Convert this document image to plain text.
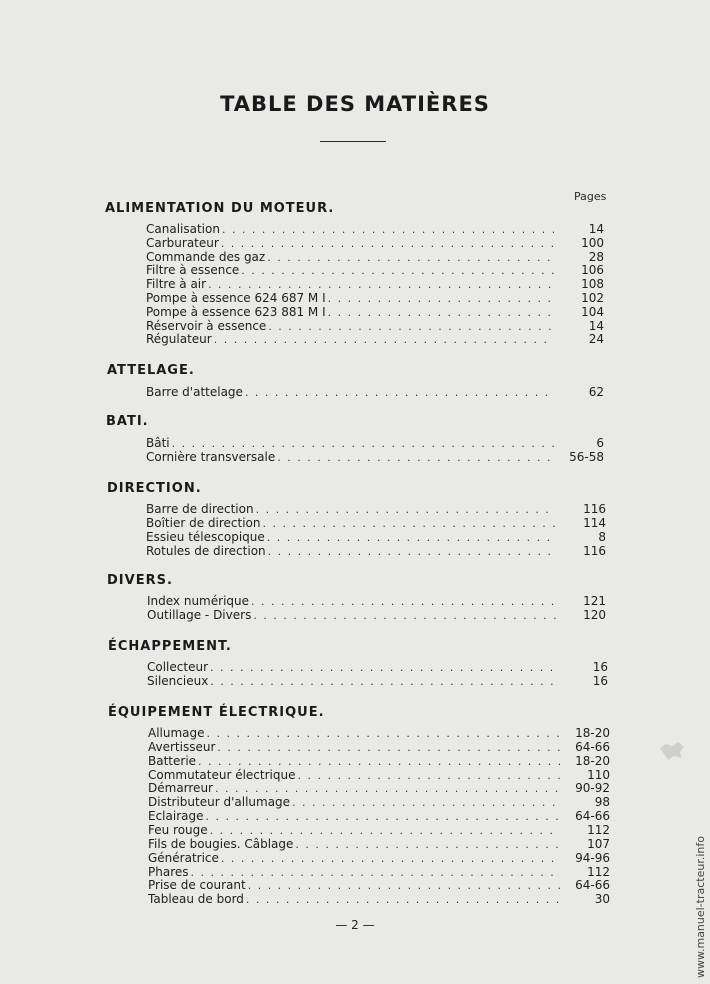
TABLE DES MATIÈRES
Pages
ALIMENTATION DU MOTEUR.
Canalisation . . .	14
Carburateur . . .	100
Commande des gaz . . .	28
Filtre à essence . . .	106
Filtre à air . . .	108
Pompe à essence 624 687 M I . . .	102
Pompe à essence 623 881 M I . . .	104
Réservoir à essence . . .	14
Régulateur . . .	24
ATTELAGE.
Barre d'attelage . . .	62
BATI.
Bâti . . .	6
Cornière transversale . . .	56-58
DIRECTION.
Barre de direction . . .	116
Boîtier de direction . . .	114
Essieu télescopique . . .	8
Rotules de direction . . .	116
DIVERS.
Index numérique . . .	121
Outillage - Divers . . .	120
ÉCHAPPEMENT.
Collecteur . . .	16
Silencieux . . .	16
ÉQUIPEMENT ÉLECTRIQUE.
Allumage . . .	18-20
Avertisseur . . .	64-66
Batterie . . .	18-20
Commutateur électrique . . .	110
Démarreur . . .	90-92
Distributeur d'allumage . . .	98
Eclairage . . .	64-66
Feu rouge . . .	112
Fils de bougies. Câblage . . .	107
Génératrice . . .	94-96
Phares . . .	112
Prise de courant . . .	64-66
Tableau de bord . . .	30
— 2 —	www.manuel-tracteur.info
